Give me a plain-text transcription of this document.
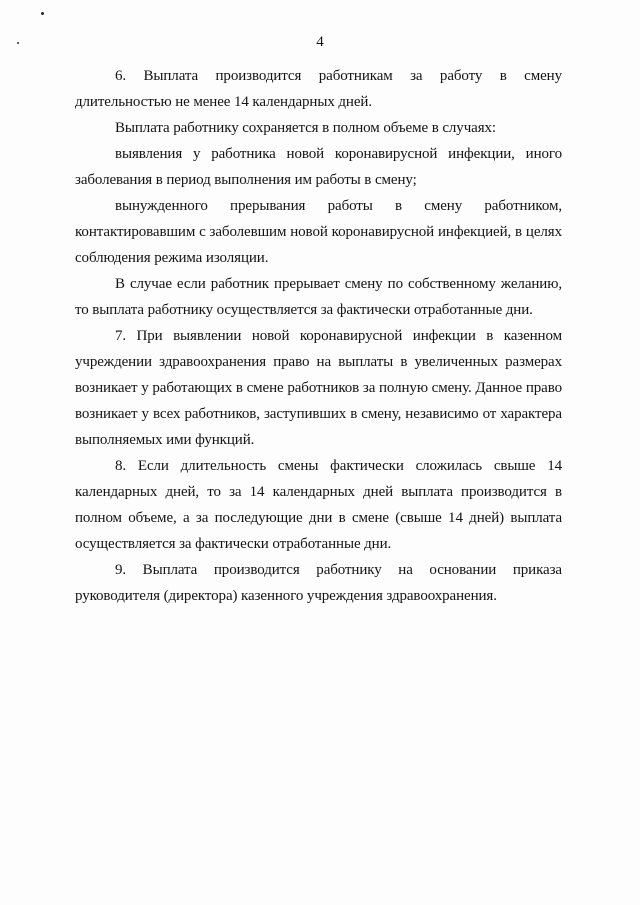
4

6. Выплата производится работникам за работу в смену длительностью не менее 14 календарных дней.

Выплата работнику сохраняется в полном объеме в случаях:

выявления у работника новой коронавирусной инфекции, иного заболевания в период выполнения им работы в смену;

вынужденного прерывания работы в смену работником, контактировавшим с заболевшим новой коронавирусной инфекцией, в целях соблюдения режима изоляции.

В случае если работник прерывает смену по собственному желанию, то выплата работнику осуществляется за фактически отработанные дни.

7. При выявлении новой коронавирусной инфекции в казенном учреждении здравоохранения право на выплаты в увеличенных размерах возникает у работающих в смене работников за полную смену. Данное право возникает у всех работников, заступивших в смену, независимо от характера выполняемых ими функций.

8. Если длительность смены фактически сложилась свыше 14 календарных дней, то за 14 календарных дней выплата производится в полном объеме, а за последующие дни в смене (свыше 14 дней) выплата осуществляется за фактически отработанные дни.

9. Выплата производится работнику на основании приказа руководителя (директора) казенного учреждения здравоохранения.
